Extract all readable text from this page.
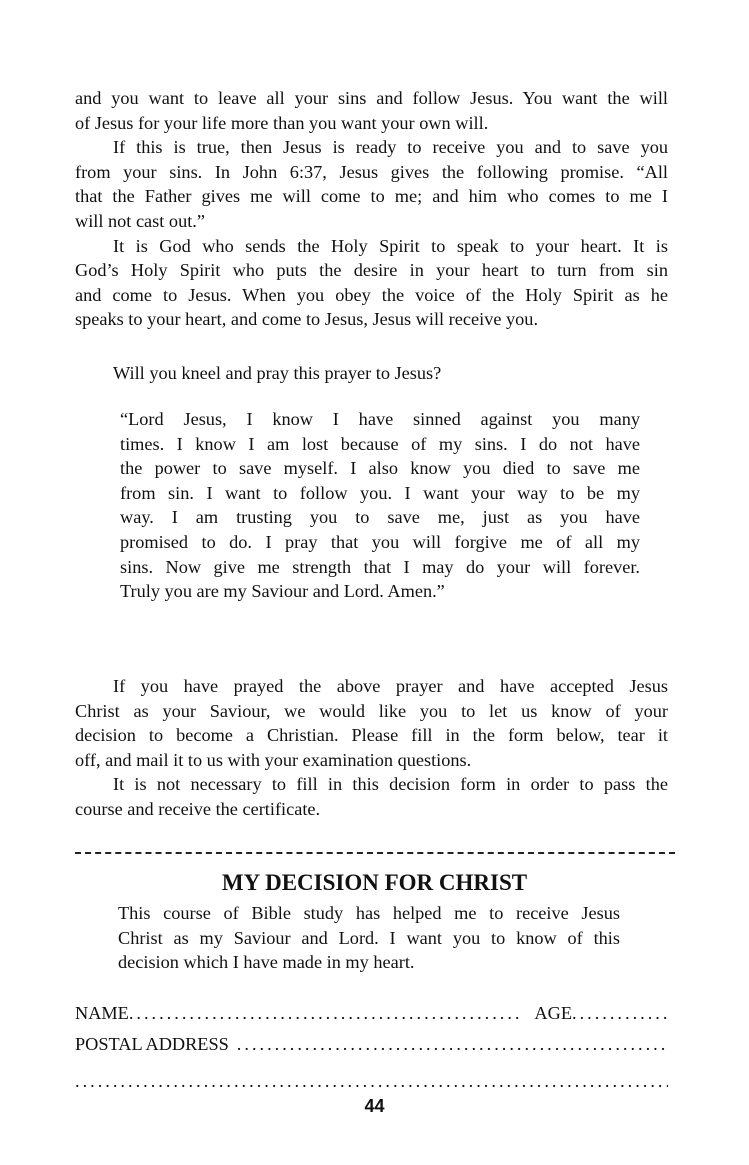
and you want to leave all your sins and follow Jesus. You want the will
of Jesus for your life more than you want your own will.
If this is true, then Jesus is ready to receive you and to save you
from your sins. In John 6:37, Jesus gives the following promise. “All
that the Father gives me will come to me; and him who comes to me I
will not cast out.”
It is God who sends the Holy Spirit to speak to your heart. It is
God’s Holy Spirit who puts the desire in your heart to turn from sin
and come to Jesus. When you obey the voice of the Holy Spirit as he
speaks to your heart, and come to Jesus, Jesus will receive you.
Will you kneel and pray this prayer to Jesus?
“Lord Jesus, I know I have sinned against you many
times. I know I am lost because of my sins. I do not have
the power to save myself. I also know you died to save me
from sin. I want to follow you. I want your way to be my
way. I am trusting you to save me, just as you have
promised to do. I pray that you will forgive me of all my
sins. Now give me strength that I may do your will forever.
Truly you are my Saviour and Lord. Amen.”
If you have prayed the above prayer and have accepted Jesus
Christ as your Saviour, we would like you to let us know of your
decision to become a Christian. Please fill in the form below, tear it
off, and mail it to us with your examination questions.
It is not necessary to fill in this decision form in order to pass the
course and receive the certificate.
MY DECISION FOR CHRIST
This course of Bible study has helped me to receive Jesus
Christ as my Saviour and Lord. I want you to know of this
decision which I have made in my heart.
NAME .....	AGE
.....
POSTAL ADDRESS
.....
.....
44
